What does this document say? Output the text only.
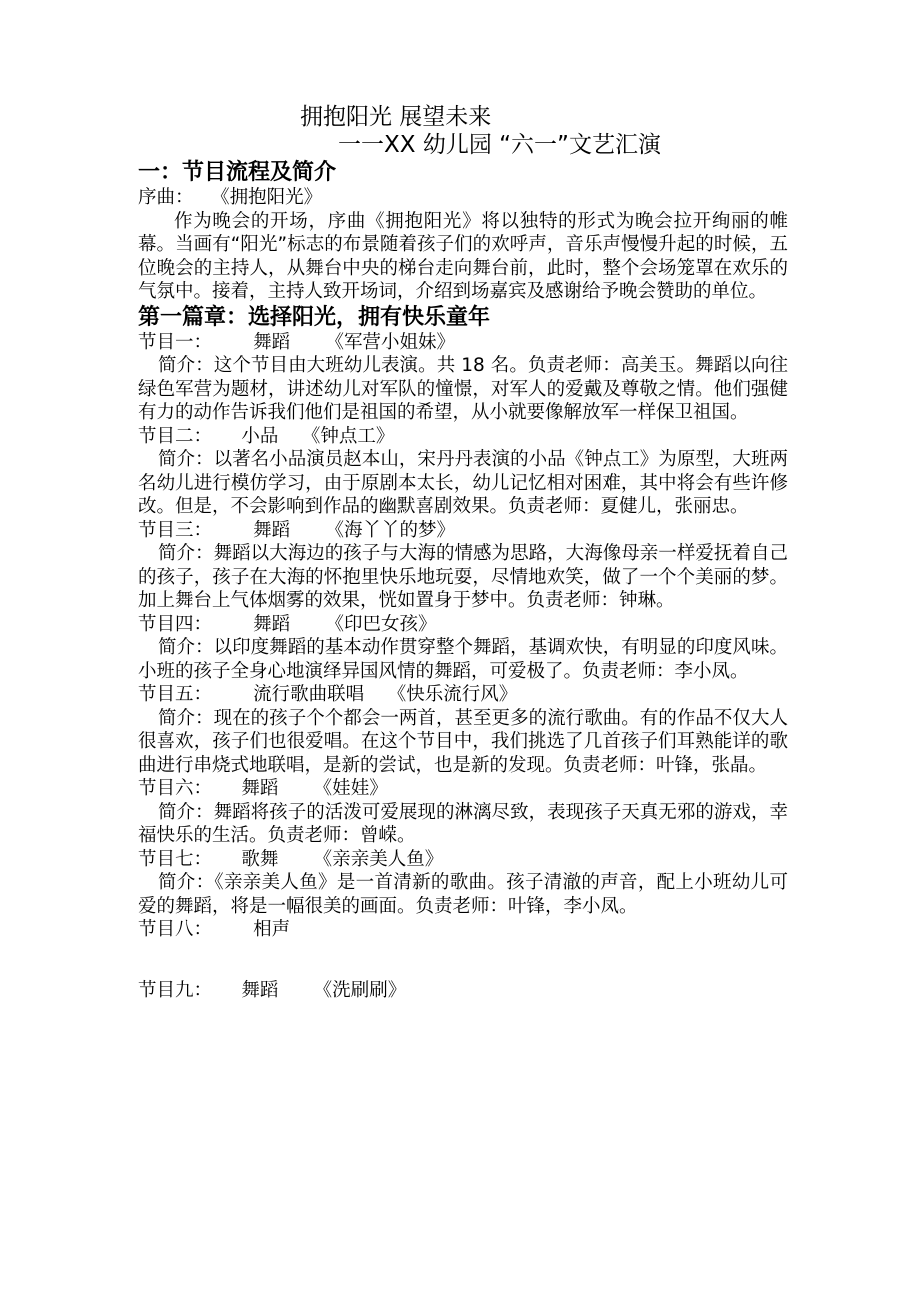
拥抱阳光 展望未来
一一XX 幼儿园 “六一”文艺汇演
一：节目流程及简介
序曲：   《拥抱阳光》
作为晚会的开场，序曲《拥抱阳光》将以独特的形式为晚会拉开绚丽的帷幕。当画有“阳光”标志的布景随着孩子们的欢呼声，音乐声慢慢升起的时候，五位晚会的主持人，从舞台中央的梯台走向舞台前，此时，整个会场笼罩在欢乐的气氛中。接着，主持人致开场词，介绍到场嘉宾及感谢给予晚会赞助的单位。
第一篇章：选择阳光，拥有快乐童年
节目一：       舞蹈      《军营小姐妹》
简介：这个节目由大班幼儿表演。共 18 名。负责老师：高美玉。舞蹈以向往绿色军营为题材，讲述幼儿对军队的憧憬，对军人的爱戴及尊敬之情。他们强健有力的动作告诉我们他们是祖国的希望，从小就要像解放军一样保卫祖国。
节目二：     小品    《钟点工》
简介：以著名小品演员赵本山，宋丹丹表演的小品《钟点工》为原型，大班两名幼儿进行模仿学习，由于原剧本太长，幼儿记忆相对困难，其中将会有些许修改。但是，不会影响到作品的幽默喜剧效果。负责老师：夏健儿，张丽忠。
节目三：       舞蹈      《海丫丫的梦》
简介：舞蹈以大海边的孩子与大海的情感为思路，大海像母亲一样爱抚着自己的孩子，孩子在大海的怀抱里快乐地玩耍，尽情地欢笑，做了一个个美丽的梦。加上舞台上气体烟雾的效果，恍如置身于梦中。负责老师：钟琳。
节目四：       舞蹈      《印巴女孩》
简介：以印度舞蹈的基本动作贯穿整个舞蹈，基调欢快，有明显的印度风味。小班的孩子全身心地演绎异国风情的舞蹈，可爱极了。负责老师：李小凤。
节目五：       流行歌曲联唱    《快乐流行风》
简介：现在的孩子个个都会一两首，甚至更多的流行歌曲。有的作品不仅大人很喜欢，孩子们也很爱唱。在这个节目中，我们挑选了几首孩子们耳熟能详的歌曲进行串烧式地联唱，是新的尝试，也是新的发现。负责老师：叶锋，张晶。
节目六：     舞蹈      《娃娃》
简介：舞蹈将孩子的活泼可爱展现的淋漓尽致，表现孩子天真无邪的游戏，幸福快乐的生活。负责老师：曾嵘。
节目七：     歌舞      《亲亲美人鱼》
简介：《亲亲美人鱼》是一首清新的歌曲。孩子清澈的声音，配上小班幼儿可爱的舞蹈，将是一幅很美的画面。负责老师：叶锋，李小凤。
节目八：       相声
节目九：     舞蹈      《洗刷刷》
